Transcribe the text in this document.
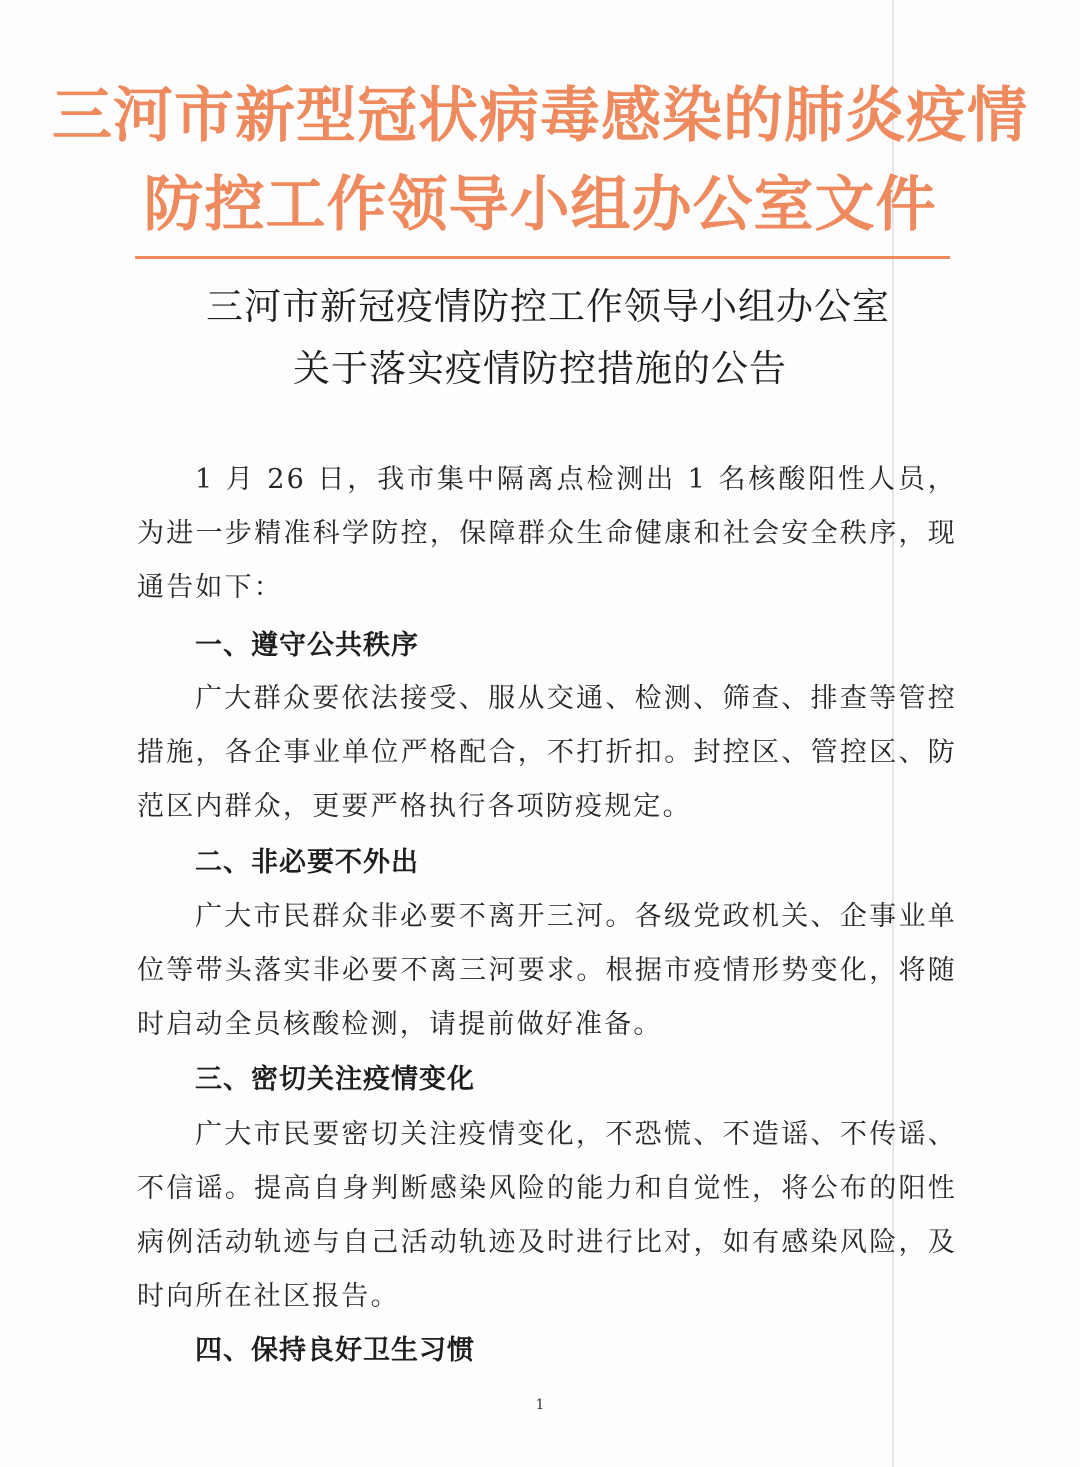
三河市新型冠状病毒感染的肺炎疫情
防控工作领导小组办公室文件
三河市新冠疫情防控工作领导小组办公室
关于落实疫情防控措施的公告

1 月 26 日，我市集中隔离点检测出 1 名核酸阳性人员，为进一步精准科学防控，保障群众生命健康和社会安全秩序，现通告如下：

一、遵守公共秩序

广大群众要依法接受、服从交通、检测、筛查、排查等管控措施，各企事业单位严格配合，不打折扣。封控区、管控区、防范区内群众，更要严格执行各项防疫规定。

二、非必要不外出

广大市民群众非必要不离开三河。各级党政机关、企事业单位等带头落实非必要不离三河要求。根据市疫情形势变化，将随时启动全员核酸检测，请提前做好准备。

三、密切关注疫情变化

广大市民要密切关注疫情变化，不恐慌、不造谣、不传谣、不信谣。提高自身判断感染风险的能力和自觉性，将公布的阳性病例活动轨迹与自己活动轨迹及时进行比对，如有感染风险，及时向所在社区报告。

四、保持良好卫生习惯
1
